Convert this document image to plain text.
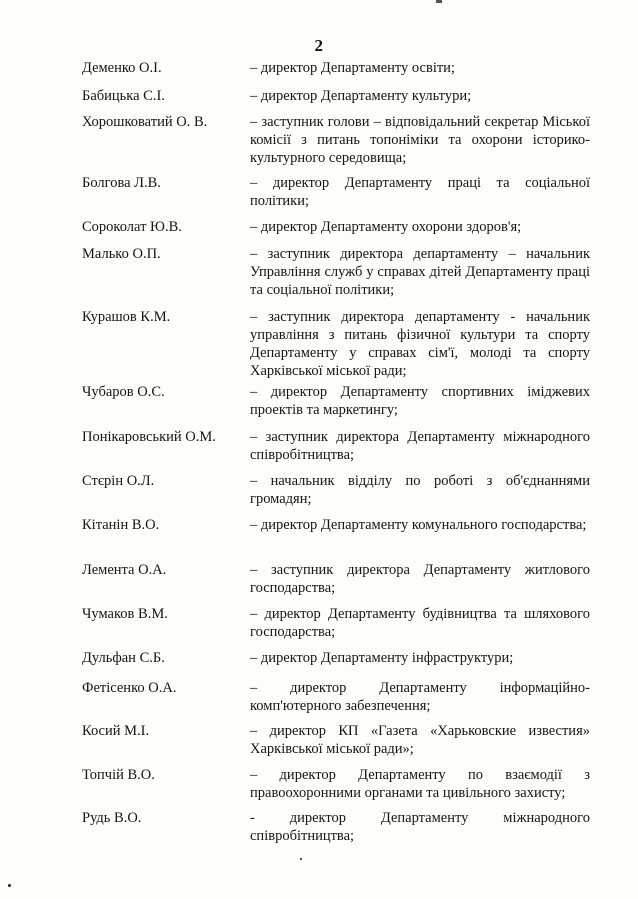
2
Деменко О.І.	– директор Департаменту освіти;
Бабицька С.І.	– директор Департаменту культури;
Хорошковатий О. В.	– заступник голови – відповідальний секретар Міської комісії з питань топоніміки та охорони історико-культурного середовища;
Болгова Л.В.	– директор Департаменту праці та соціальної політики;
Сороколат Ю.В.	– директор Департаменту охорони здоров'я;
Малько О.П.	– заступник директора департаменту – начальник Управління служб у справах дітей Департаменту праці та соціальної політики;
Курашов К.М.	– заступник директора департаменту - начальник управління з питань фізичної культури та спорту Департаменту у справах сім'ї, молоді та спорту Харківської міської ради;
Чубаров О.С.	– директор Департаменту спортивних іміджевих проектів та маркетингу;
Понікаровський О.М.	– заступник директора Департаменту міжнародного співробітництва;
Стєрін О.Л.	– начальник відділу по роботі з об'єднаннями громадян;
Кітанін В.О.	– директор Департаменту комунального господарства;
Лемента О.А.	– заступник директора Департаменту житлового господарства;
Чумаков В.М.	– директор Департаменту будівництва та шляхового господарства;
Дульфан С.Б.	– директор Департаменту інфраструктури;
Фетісенко О.А.	– директор Департаменту інформаційно-комп'ютерного забезпечення;
Косий М.І.	– директор КП «Газета «Харьковские известия» Харківської міської ради»;
Топчій В.О.	– директор Департаменту по взаємодії з правоохоронними органами та цивільного захисту;
Рудь В.О.	- директор Департаменту міжнародного співробітництва;
